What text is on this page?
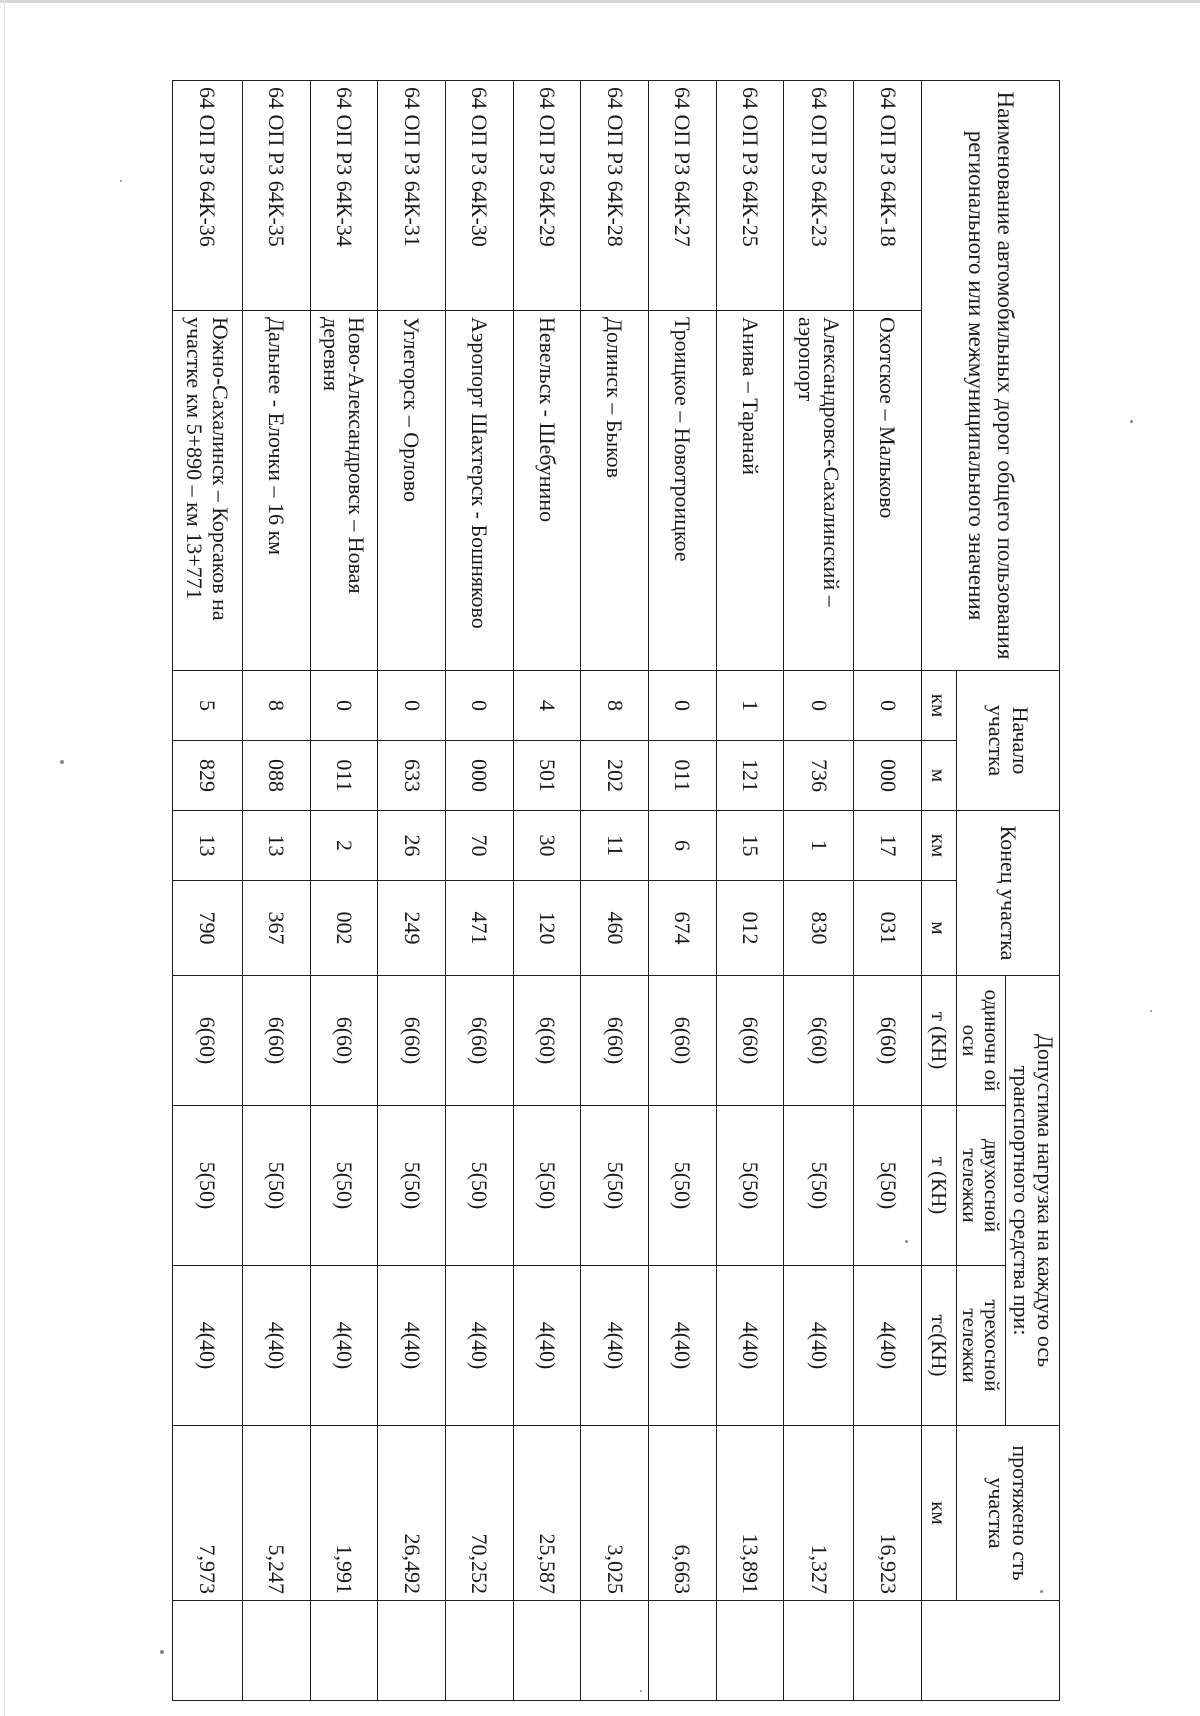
Наименование автомобильных дорог общего пользования регионального или межмуниципального значения		Начало участка		Конец участка		Допустима нагрузка на каждую ось транспортного средства при:			протяжено сть участка	
						одиночн ой оси	двухосной тележки	трехосной тележки		
		км	м	км	м	т (КН)	т (КН)	тс(КН)	км	
64 ОП РЗ 64К-18	Охотское – Мальково	0	000	17	031	6(60)	5(50)	4(40)	16,923	
64 ОП РЗ 64К-23	Александровск-Сахалинский – аэропорт	0	736	1	830	6(60)	5(50)	4(40)	1,327	
64 ОП РЗ 64К-25	Анива – Таранай	1	121	15	012	6(60)	5(50)	4(40)	13,891	
64 ОП РЗ 64К-27	Троицкое – Новотроицкое	0	011	6	674	6(60)	5(50)	4(40)	6,663	
64 ОП РЗ 64К-28	Долинск – Быков	8	202	11	460	6(60)	5(50)	4(40)	3,025	
64 ОП РЗ 64К-29	Невельск - Шебунино	4	501	30	120	6(60)	5(50)	4(40)	25,587	
64 ОП РЗ 64К-30	Аэропорт Шахтерск - Бошняково	0	000	70	471	6(60)	5(50)	4(40)	70,252	
64 ОП РЗ 64К-31	Углегорск – Орлово	0	633	26	249	6(60)	5(50)	4(40)	26,492	
64 ОП РЗ 64К-34	Ново-Александровск – Новая деревня	0	011	2	002	6(60)	5(50)	4(40)	1,991	
64 ОП РЗ 64К-35	Дальнее - Елочки – 16 км	8	088	13	367	6(60)	5(50)	4(40)	5,247	
64 ОП РЗ 64К-36	Южно-Сахалинск – Корсаков на участке км 5+890 – км 13+771	5	829	13	790	6(60)	5(50)	4(40)	7,973	
